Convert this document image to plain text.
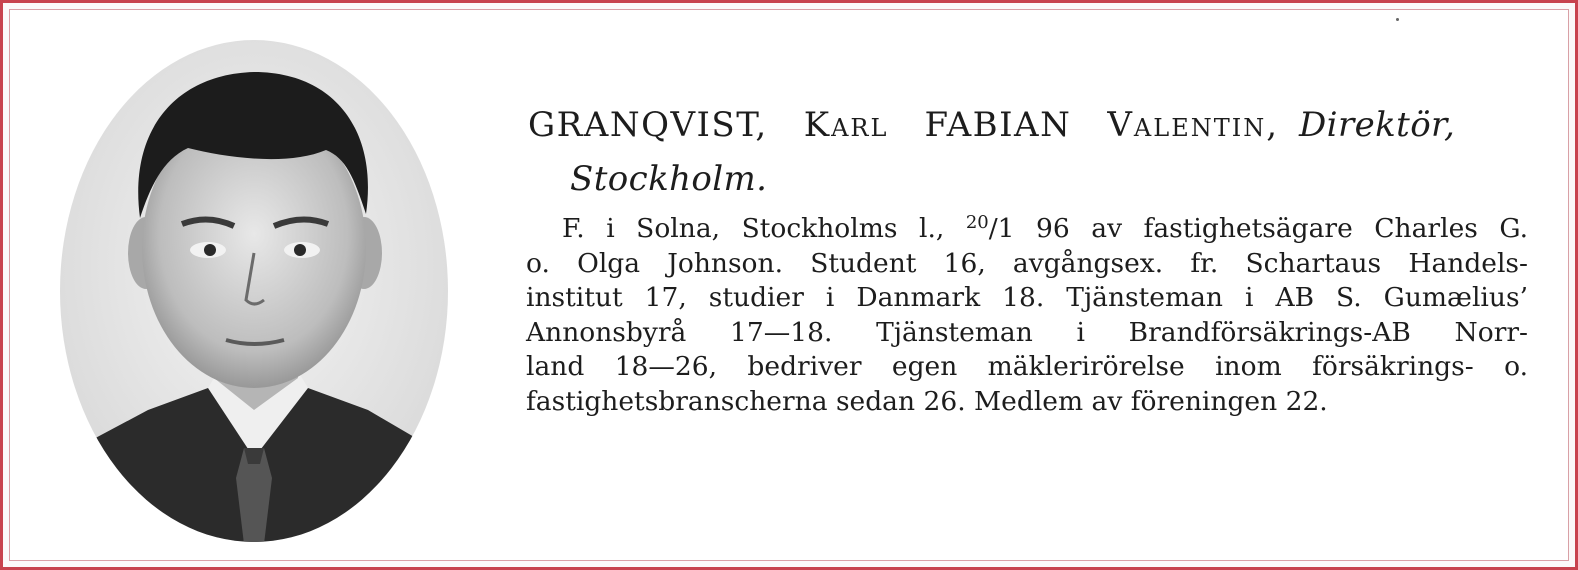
GRANQVIST, Karl FABIAN Valentin, Direktör,
Stockholm.
F. i Solna, Stockholms l., $^{20}$/1 96 av fastighetsägare Charles G.
o. Olga Johnson. Student 16, avgångsex. fr. Schartaus Handels-
institut 17, studier i Danmark 18. Tjänsteman i AB S. Gumælius’
Annonsbyrå 17—18. Tjänsteman i Brandförsäkrings-AB Norr-
land 18—26, bedriver egen mäklerirörelse inom försäkrings- o.
fastighetsbranscherna sedan 26. Medlem av föreningen 22.
